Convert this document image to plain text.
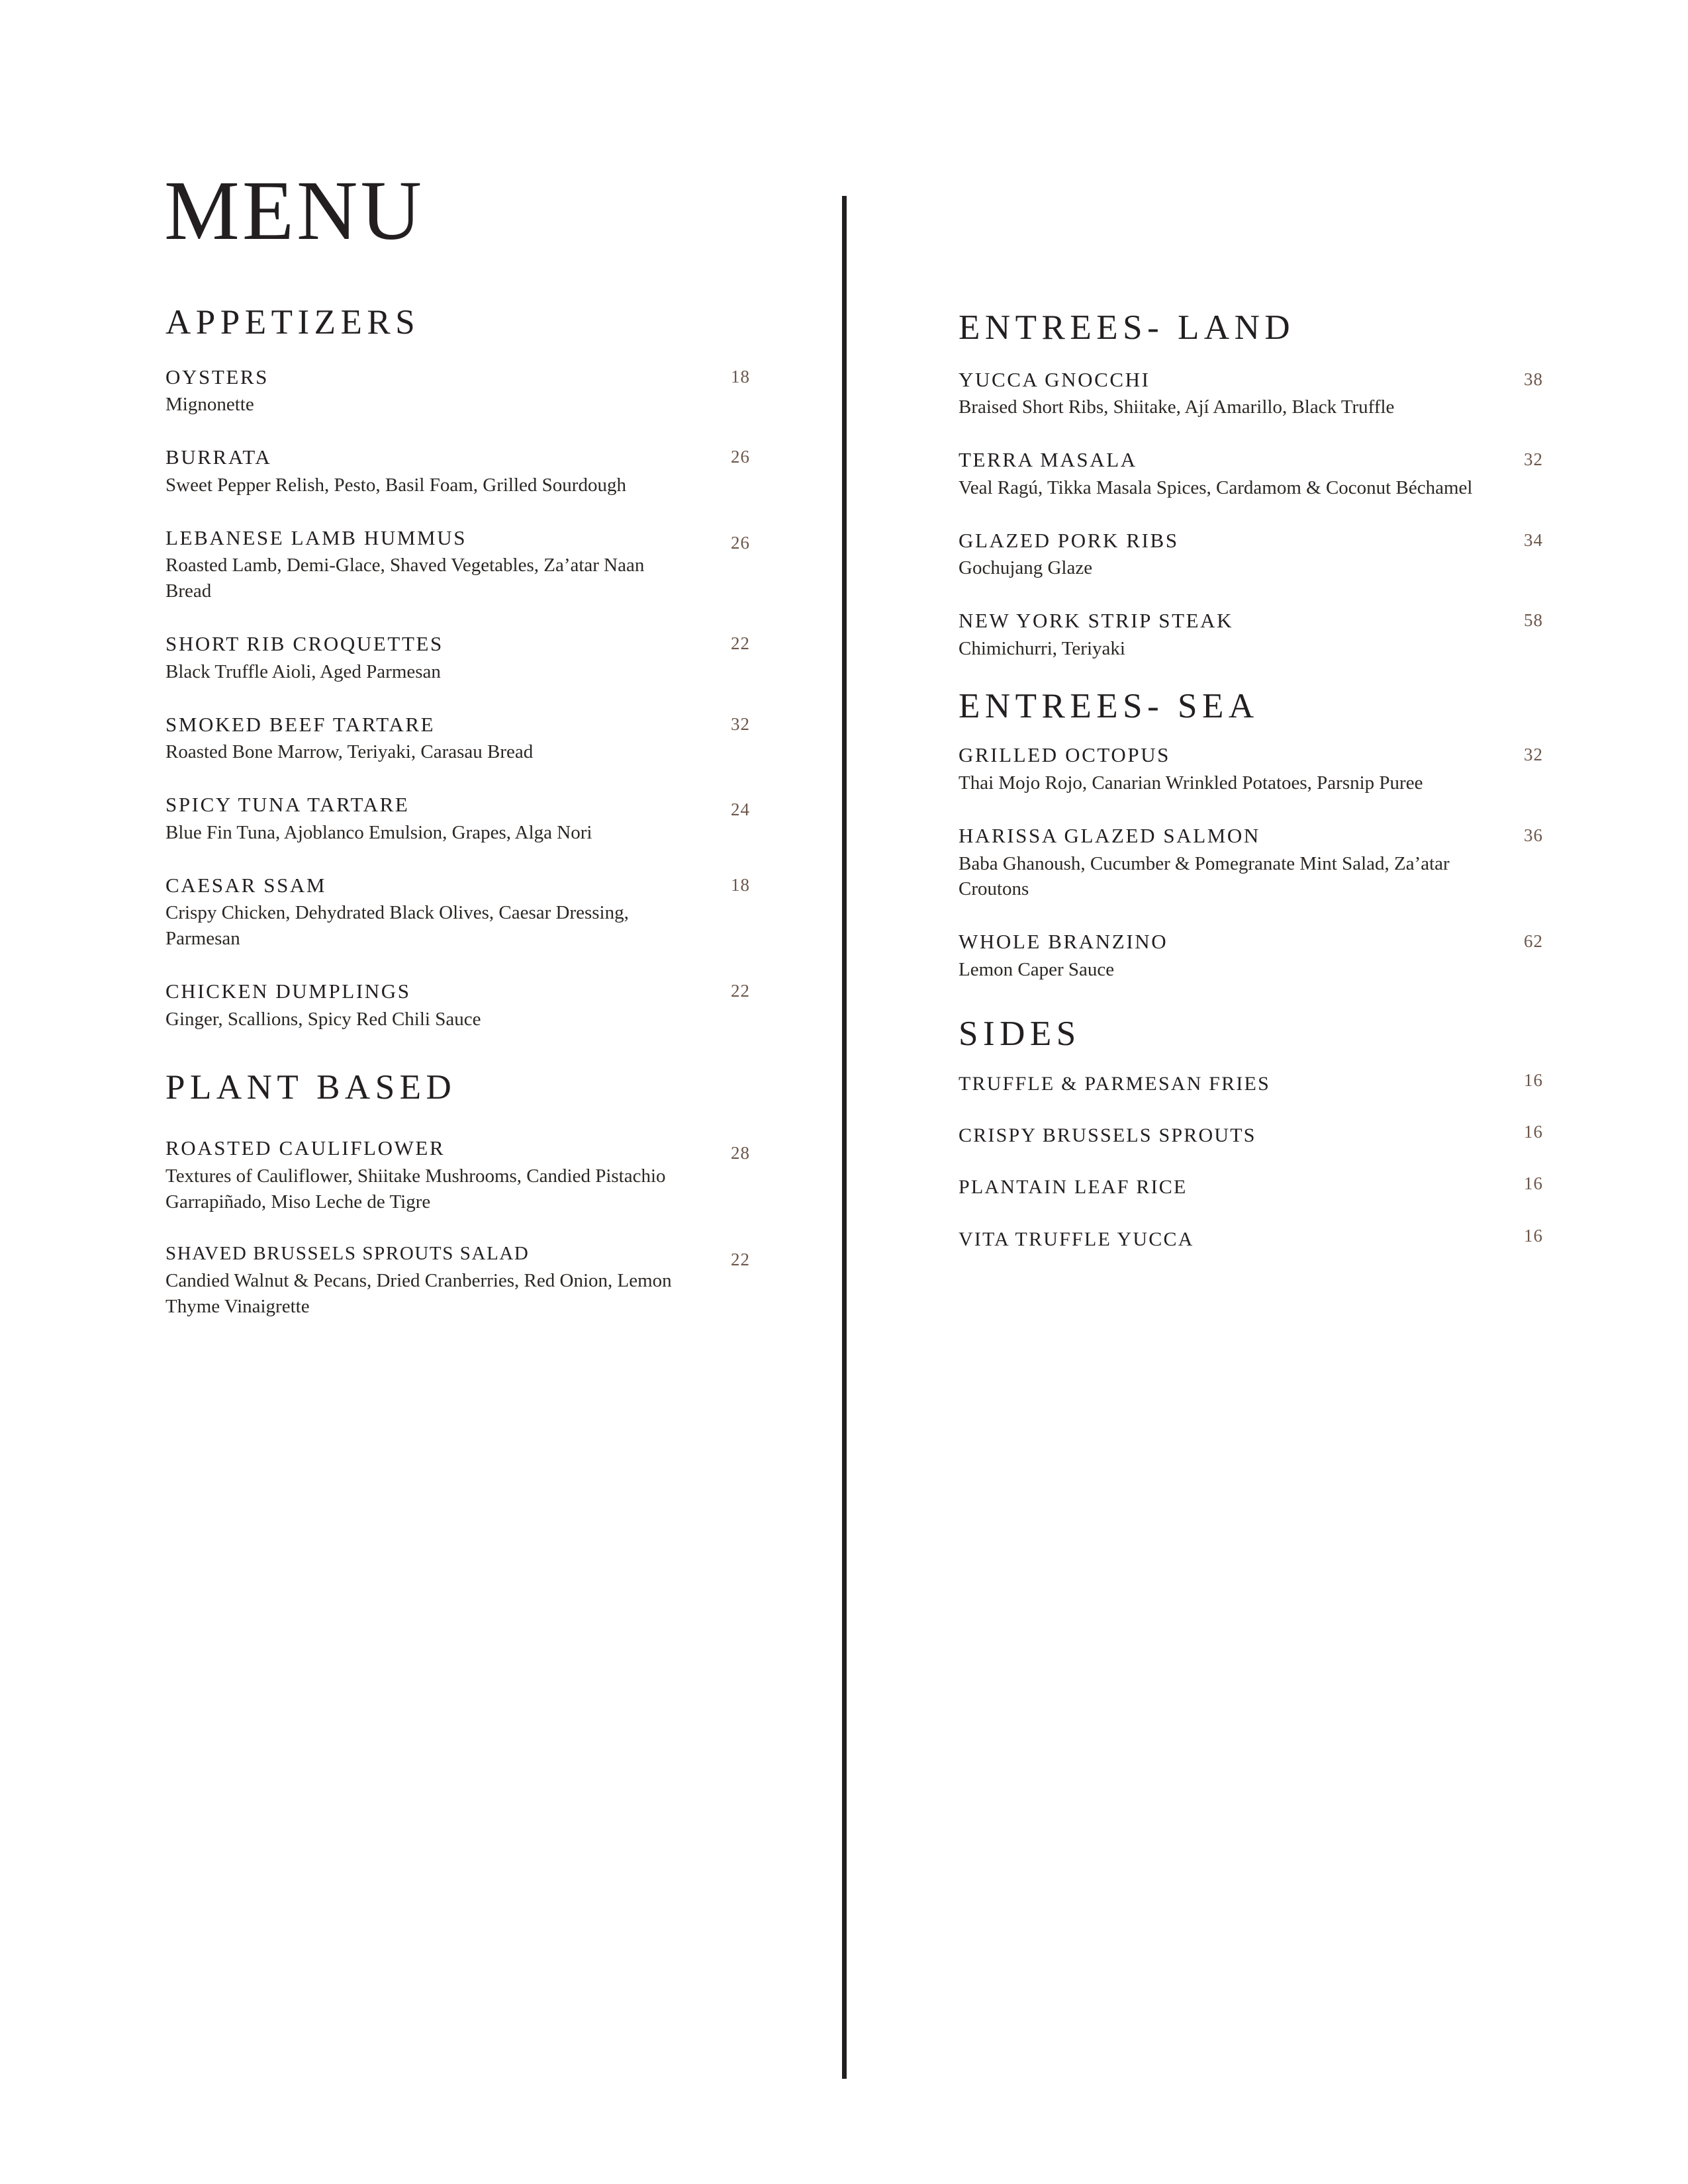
MENU
APPETIZERS
OYSTERS
Mignonette
18
BURRATA
Sweet Pepper Relish, Pesto, Basil Foam, Grilled Sourdough
26
LEBANESE LAMB HUMMUS
Roasted Lamb, Demi-Glace, Shaved Vegetables, Za’atar Naan Bread
26
SHORT RIB CROQUETTES
Black Truffle Aioli, Aged Parmesan
22
SMOKED BEEF TARTARE
Roasted Bone Marrow, Teriyaki, Carasau Bread
32
SPICY TUNA TARTARE
Blue Fin Tuna, Ajoblanco Emulsion, Grapes, Alga Nori
24
CAESAR SSAM
Crispy Chicken, Dehydrated Black Olives, Caesar Dressing, Parmesan
18
CHICKEN DUMPLINGS
Ginger, Scallions, Spicy Red Chili Sauce
22
PLANT BASED
ROASTED CAULIFLOWER
Textures of Cauliflower, Shiitake Mushrooms, Candied Pistachio Garrapiñado, Miso Leche de Tigre
28
SHAVED BRUSSELS SPROUTS SALAD
Candied Walnut & Pecans, Dried Cranberries, Red Onion, Lemon Thyme Vinaigrette
22
ENTREES- LAND
YUCCA GNOCCHI
Braised Short Ribs, Shiitake, Ají Amarillo, Black Truffle
38
TERRA MASALA
Veal Ragú, Tikka Masala Spices, Cardamom & Coconut Béchamel
32
GLAZED PORK RIBS
Gochujang Glaze
34
NEW YORK STRIP STEAK
Chimichurri, Teriyaki
58
ENTREES- SEA
GRILLED OCTOPUS
Thai Mojo Rojo, Canarian Wrinkled Potatoes, Parsnip Puree
32
HARISSA GLAZED SALMON
Baba Ghanoush, Cucumber & Pomegranate Mint Salad, Za’atar Croutons
36
WHOLE BRANZINO
Lemon Caper Sauce
62
SIDES
TRUFFLE & PARMESAN FRIES	16
CRISPY BRUSSELS SPROUTS	16
PLANTAIN LEAF RICE	16
VITA TRUFFLE YUCCA	16
